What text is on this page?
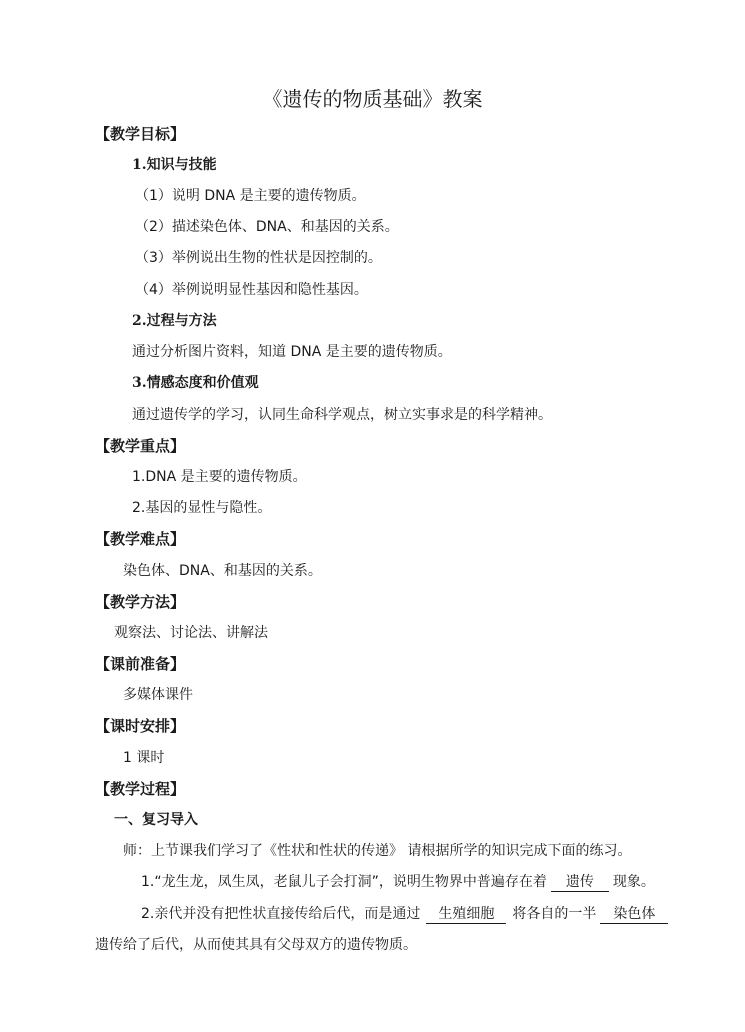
《遗传的物质基础》教案
【教学目标】
1.知识与技能
（1）说明 DNA 是主要的遗传物质。
（2）描述染色体、DNA、和基因的关系。
（3）举例说出生物的性状是因控制的。
（4）举例说明显性基因和隐性基因。
2.过程与方法
通过分析图片资料，知道 DNA 是主要的遗传物质。
3.情感态度和价值观
通过遗传学的学习，认同生命科学观点，树立实事求是的科学精神。
【教学重点】
1.DNA 是主要的遗传物质。
2.基因的显性与隐性。
【教学难点】
染色体、DNA、和基因的关系。
【教学方法】
观察法、讨论法、讲解法
【课前准备】
多媒体课件
【课时安排】
1 课时
【教学过程】
一、复习导入
师：上节课我们学习了《性状和性状的传递》 请根据所学的知识完成下面的练习。
1.“龙生龙，凤生凤，老鼠儿子会打洞”，说明生物界中普遍存在着 遗传 现象。
2.亲代并没有把性状直接传给后代，而是通过 生殖细胞 将各自的一半 染色体
遗传给了后代，从而使其具有父母双方的遗传物质。
